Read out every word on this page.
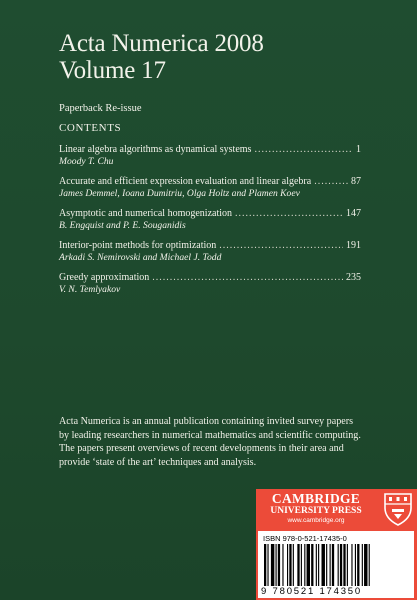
Acta Numerica 2008
Volume 17
Paperback Re-issue
CONTENTS
Linear algebra algorithms as dynamical systems .....	1
Moody T. Chu
Accurate and efficient expression evaluation and linear algebra .....	87
James Demmel, Ioana Dumitriu, Olga Holtz and Plamen Koev
Asymptotic and numerical homogenization .....	147
B. Engquist and P. E. Souganidis
Interior-point methods for optimization .....	191
Arkadi S. Nemirovski and Michael J. Todd
Greedy approximation .....	235
V. N. Temlyakov
Acta Numerica is an annual publication containing invited survey papers by leading researchers in numerical mathematics and scientific computing. The papers present overviews of recent developments in their area and provide ‘state of the art’ techniques and analysis.
CAMBRIDGE
UNIVERSITY PRESS
www.cambridge.org
ISBN 978-0-521-17435-0
9 780521 174350
